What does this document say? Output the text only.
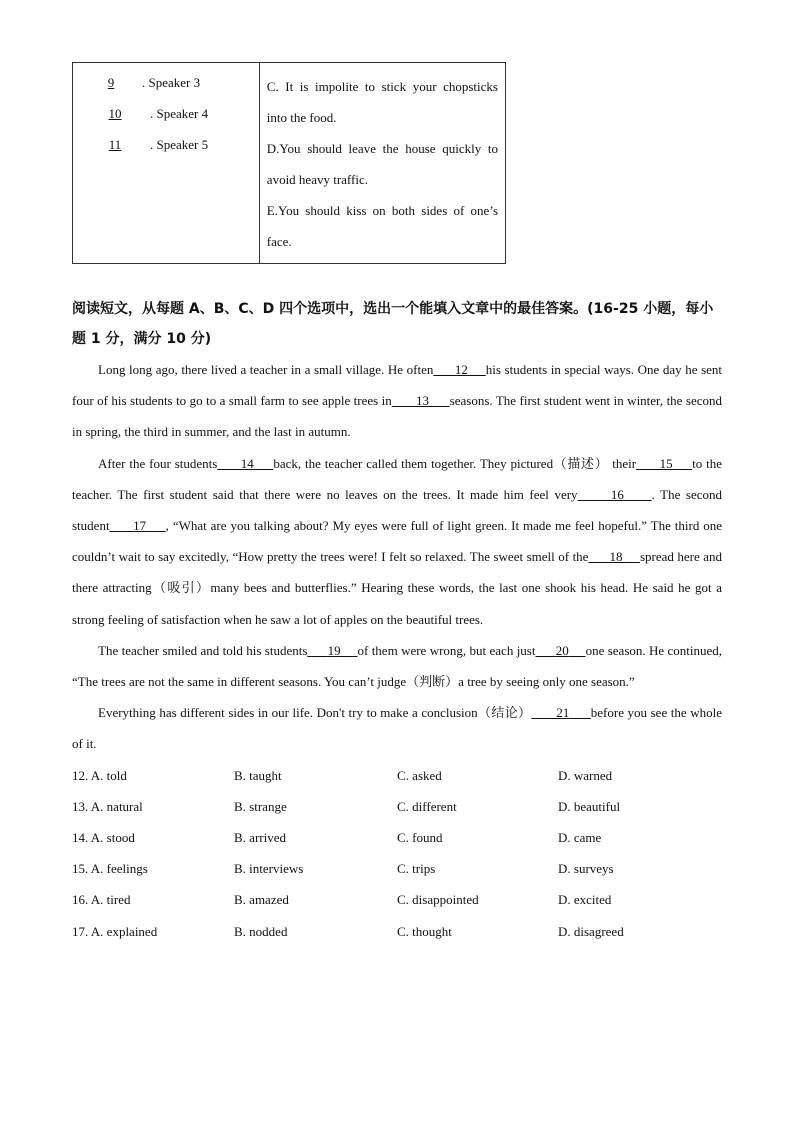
9 . Speaker 3
10 . Speaker 4
11 . Speaker 5

C. It is impolite to stick your chopsticks into the food.
D.You should leave the house quickly to avoid heavy traffic.
E.You should kiss on both sides of one’s face.
阅读短文，从每题 A、B、C、D 四个选项中，选出一个能填入文章中的最佳答案。(16-25 小题，每小题 1 分，满分 10 分)

Long long ago, there lived a teacher in a small village. He often 12 his students in special ways. One day he sent four of his students to go to a small farm to see apple trees in 13 seasons. The first student went in winter, the second in spring, the third in summer, and the last in autumn.

After the four students 14 back, the teacher called them together. They pictured（描述） their 15 to the teacher. The first student said that there were no leaves on the trees. It made him feel very	16 . The second student 17 , “What are you talking about? My eyes were full of light green. It made me feel hopeful.” The third one couldn’t wait to say excitedly, “How pretty the trees were! I felt so relaxed. The sweet smell of the 18 spread here and there attracting（吸引）many bees and butterflies.” Hearing these words, the last one shook his head. He said he got a strong feeling of satisfaction when he saw a lot of apples on the beautiful trees.

The teacher smiled and told his students 19 of them were wrong, but each just 20 one season. He continued, “The trees are not the same in different seasons. You can’t judge（判断）a tree by seeing only one season.”

Everything has different sides in our life. Don't try to make a conclusion（结论） 21 before you see the whole of it.

12. A. told	B. taught	C. asked	D. warned
13. A. natural	B. strange	C. different	D. beautiful
14. A. stood	B. arrived	C. found	D. came
15. A. feelings	B. interviews	C. trips	D. surveys
16. A. tired	B. amazed	C. disappointed	D. excited
17. A. explained	B. nodded	C. thought	D. disagreed
